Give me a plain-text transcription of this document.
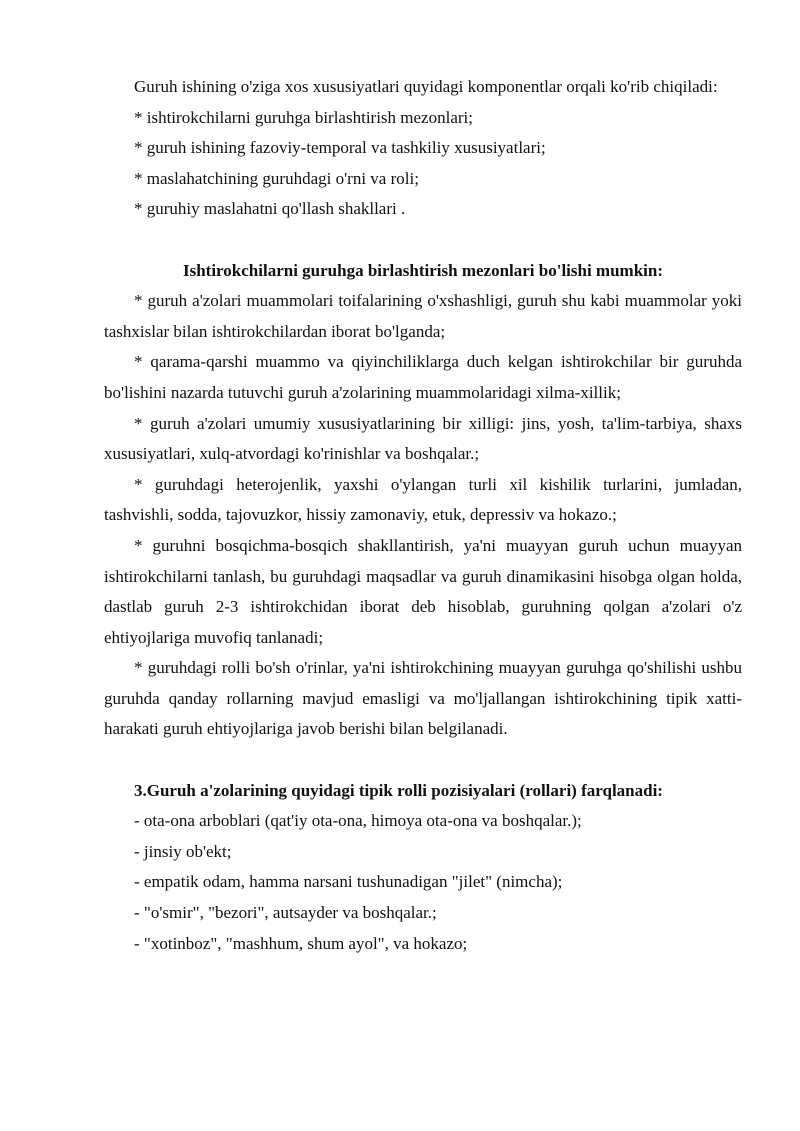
Guruh ishining o'ziga xos xususiyatlari quyidagi komponentlar orqali ko'rib chiqiladi:

* ishtirokchilarni guruhga birlashtirish mezonlari;

* guruh ishining fazoviy-temporal va tashkiliy xususiyatlari;

* maslahatchining guruhdagi o'rni va roli;

* guruhiy maslahatni qo'llash shakllari .

Ishtirokchilarni guruhga birlashtirish mezonlari bo'lishi mumkin:

* guruh a'zolari muammolari toifalarining o'xshashligi, guruh shu kabi muammolar yoki tashxislar bilan ishtirokchilardan iborat bo'lganda;

* qarama-qarshi muammo va qiyinchiliklarga duch kelgan ishtirokchilar bir guruhda bo'lishini nazarda tutuvchi guruh a'zolarining muammolaridagi xilma-xillik;

* guruh a'zolari umumiy xususiyatlarining bir xilligi: jins, yosh, ta'lim-tarbiya, shaxs xususiyatlari, xulq-atvordagi ko'rinishlar va boshqalar.;

* guruhdagi heterojenlik, yaxshi o'ylangan turli xil kishilik turlarini, jumladan, tashvishli, sodda, tajovuzkor, hissiy zamonaviy, etuk, depressiv va hokazo.;

* guruhni bosqichma-bosqich shakllantirish, ya'ni muayyan guruh uchun muayyan ishtirokchilarni tanlash, bu guruhdagi maqsadlar va guruh dinamikasini hisobga olgan holda, dastlab guruh 2-3 ishtirokchidan iborat deb hisoblab, guruhning qolgan a'zolari o'z ehtiyojlariga muvofiq tanlanadi;

* guruhdagi rolli bo'sh o'rinlar, ya'ni ishtirokchining muayyan guruhga qo'shilishi ushbu guruhda qanday rollarning mavjud emasligi va mo'ljallangan ishtirokchining tipik xatti-harakati guruh ehtiyojlariga javob berishi bilan belgilanadi.

3.Guruh a'zolarining quyidagi tipik rolli pozisiyalari (rollari) farqlanadi:

- ota-ona arboblari (qat'iy ota-ona, himoya ota-ona va boshqalar.);

- jinsiy ob'ekt;

- empatik odam, hamma narsani tushunadigan "jilet" (nimcha);

- "o'smir", "bezori", autsayder va boshqalar.;

- "xotinboz", "mashhum, shum ayol", va hokazo;
